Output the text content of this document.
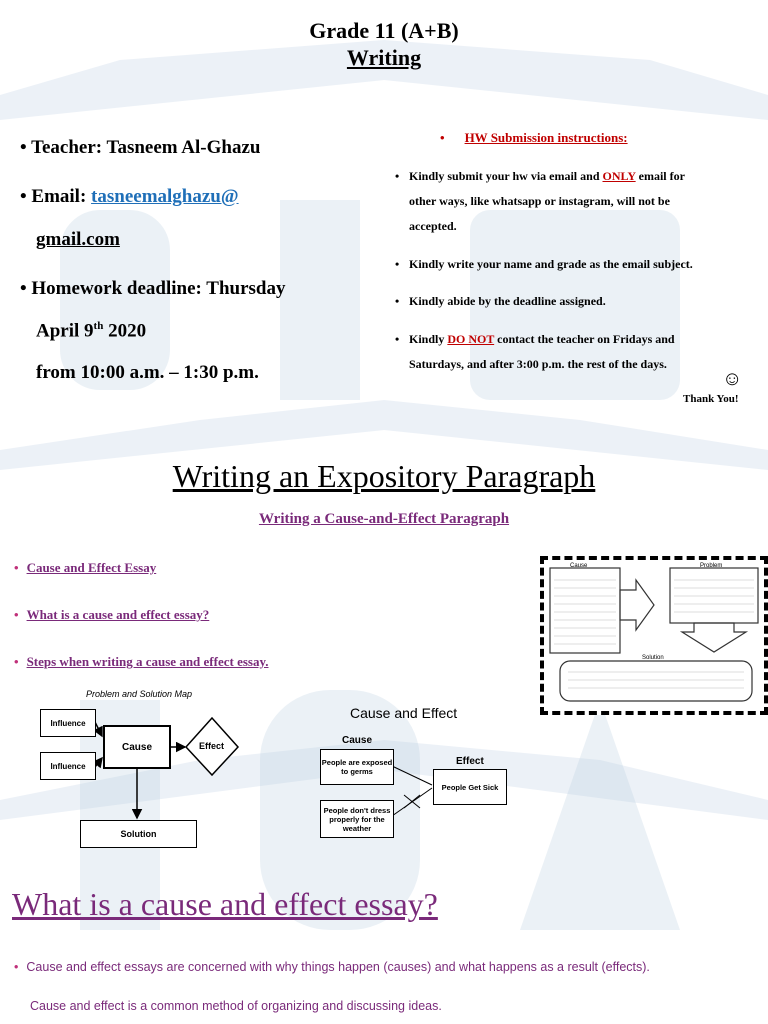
Grade 11 (A+B)
Writing
• Teacher: Tasneem Al-Ghazu
• Email: tasneemalghazu@
gmail.com
• Homework deadline: Thursday
April 9th 2020
from 10:00 a.m. – 1:30 p.m.
• HW Submission instructions:
• Kindly submit your hw via email and ONLY email for
other ways, like whatsapp or instagram, will not be
accepted.
• Kindly write your name and grade as the email subject.
• Kindly abide by the deadline assigned.
• Kindly DO NOT contact the teacher on Fridays and
Saturdays, and after 3:00 p.m. the rest of the days.
☺
Thank You!
Writing an Expository Paragraph
Writing a Cause-and-Effect Paragraph
• Cause and Effect Essay
• What is a cause and effect essay?
• Steps when writing a cause and effect essay.
Cause	Problem
Solution
Problem and Solution Map
Influence
Influence
Cause	Effect
Solution
Cause and Effect
Cause
Effect
People are exposed to germs
People don't dress properly for the weather
People Get Sick
What is a cause and effect essay?
• Cause and effect essays are concerned with why things happen (causes) and what happens as a result (effects).
Cause and effect is a common method of organizing and discussing ideas.
